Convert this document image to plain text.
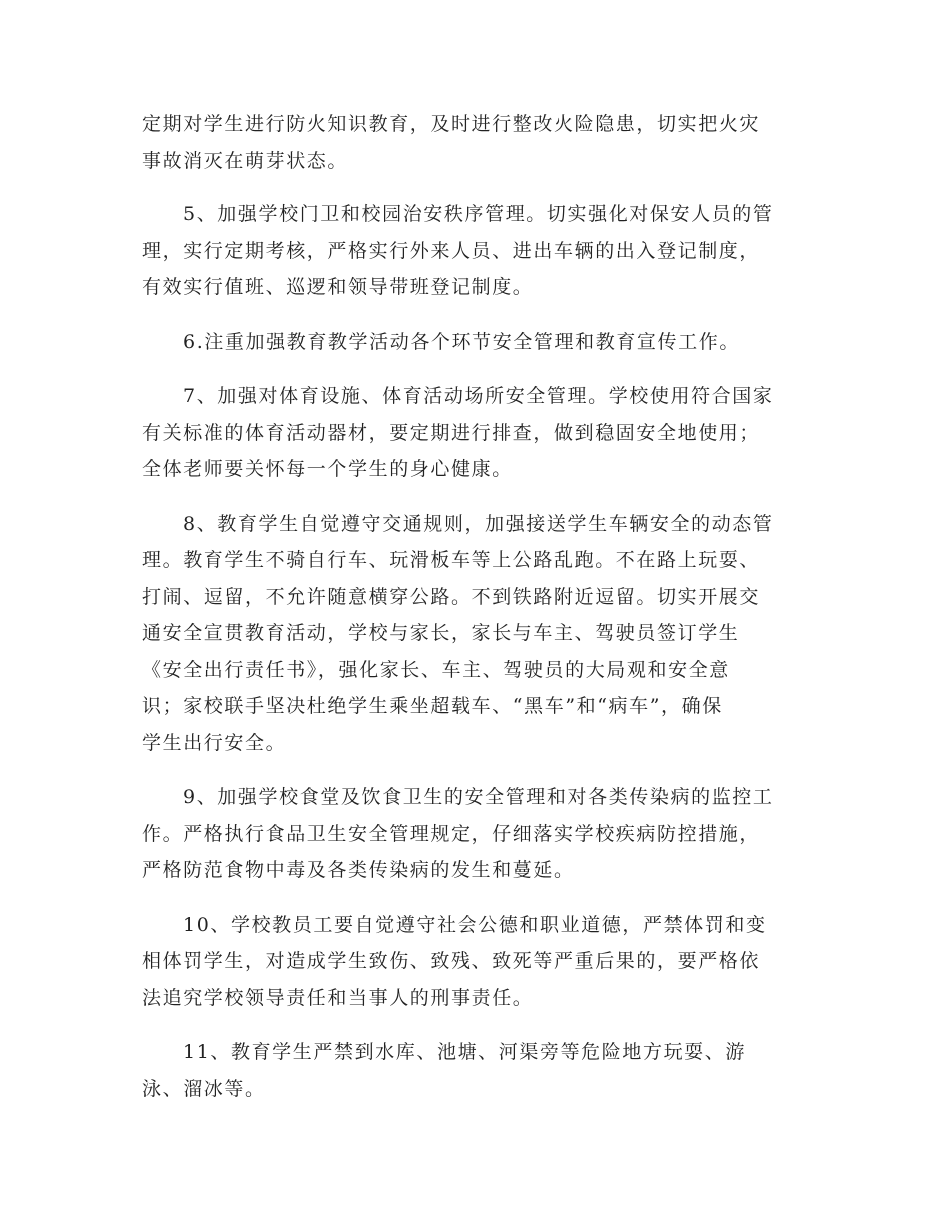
定期对学生进行防火知识教育，及时进行整改火险隐患，切实把火灾

事故消灭在萌芽状态。

5、加强学校门卫和校园治安秩序管理。切实强化对保安人员的管

理，实行定期考核，严格实行外来人员、进出车辆的出入登记制度，

有效实行值班、巡逻和领导带班登记制度。

6.注重加强教育教学活动各个环节安全管理和教育宣传工作。

7、加强对体育设施、体育活动场所安全管理。学校使用符合国家

有关标准的体育活动器材，要定期进行排查，做到稳固安全地使用；

全体老师要关怀每一个学生的身心健康。

8、教育学生自觉遵守交通规则，加强接送学生车辆安全的动态管

理。教育学生不骑自行车、玩滑板车等上公路乱跑。不在路上玩耍、

打闹、逗留，不允许随意横穿公路。不到铁路附近逗留。切实开展交

通安全宣贯教育活动，学校与家长，家长与车主、驾驶员签订学生

《安全出行责任书》，强化家长、车主、驾驶员的大局观和安全意

识；家校联手坚决杜绝学生乘坐超载车、“黑车”和“病车”，确保

学生出行安全。

9、加强学校食堂及饮食卫生的安全管理和对各类传染病的监控工

作。严格执行食品卫生安全管理规定，仔细落实学校疾病防控措施，

严格防范食物中毒及各类传染病的发生和蔓延。

10、学校教员工要自觉遵守社会公德和职业道德，严禁体罚和变

相体罚学生，对造成学生致伤、致残、致死等严重后果的，要严格依

法追究学校领导责任和当事人的刑事责任。

11、教育学生严禁到水库、池塘、河渠旁等危险地方玩耍、游

泳、溜冰等。
